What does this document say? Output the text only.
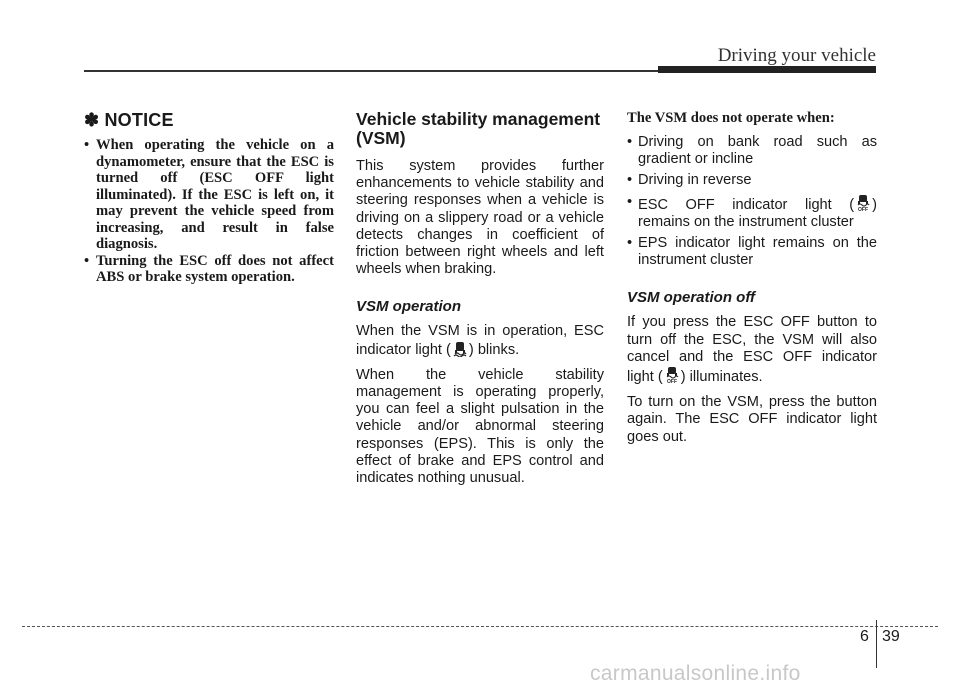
Driving your vehicle
✽ NOTICE
• When operating the vehicle on a dynamometer, ensure that the ESC is turned off (ESC OFF light illuminated). If the ESC is left on, it may prevent the vehicle speed from increasing, and result in false diagnosis.
• Turning the ESC off does not affect ABS or brake system operation.
Vehicle stability management (VSM)

This system provides further enhancements to vehicle stability and steering responses when a vehicle is driving on a slippery road or a vehicle detects changes in coefficient of friction between right wheels and left wheels when braking.

VSM operation

When the VSM is in operation, ESC indicator light ( ) blinks.

When the vehicle stability management is operating properly, you can feel a slight pulsation in the vehicle and/or abnormal steering responses (EPS). This is only the effect of brake and EPS control and indicates nothing unusual.

The VSM does not operate when:
• Driving on bank road such as gradient or incline
• Driving in reverse
• ESC OFF indicator light ( OFF ) remains on the instrument cluster
• EPS indicator light remains on the instrument cluster
VSM operation off

If you press the ESC OFF button to turn off the ESC, the VSM will also cancel and the ESC OFF indicator light ( OFF ) illuminates.

To turn on the VSM, press the button again. The ESC OFF indicator light goes out.

6 39
carmanualsonline.info
